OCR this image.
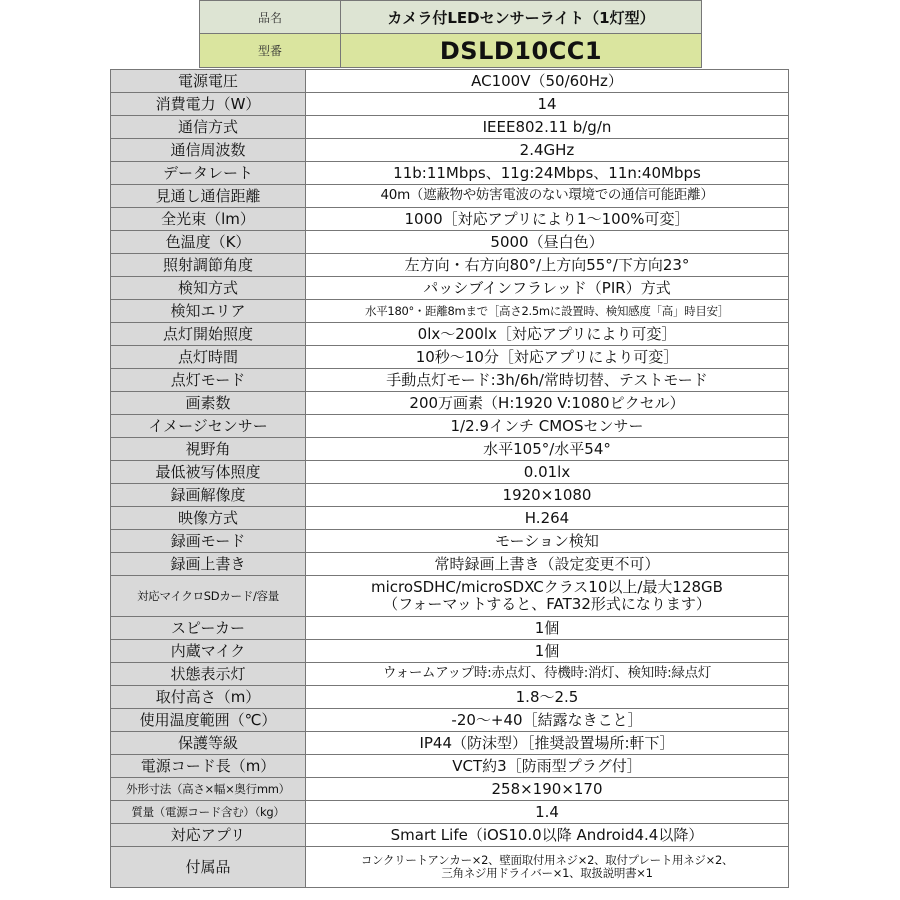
品名	カメラ付LEDセンサーライト（1灯型）
型番	DSLD10CC1
電源電圧	AC100V（50/60Hz）
消費電力（W）	14
通信方式	IEEE802.11 b/g/n
通信周波数	2.4GHz
データレート	11b:11Mbps、11g:24Mbps、11n:40Mbps
見通し通信距離	40m（遮蔽物や妨害電波のない環境での通信可能距離）
全光束（lm）	1000［対応アプリにより1〜100%可変］
色温度（K）	5000（昼白色）
照射調節角度	左方向・右方向80°/上方向55°/下方向23°
検知方式	パッシブインフラレッド（PIR）方式
検知エリア	水平180°・距離8mまで［高さ2.5mに設置時、検知感度「高」時目安］
点灯開始照度	0lx〜200lx［対応アプリにより可変］
点灯時間	10秒〜10分［対応アプリにより可変］
点灯モード	手動点灯モード:3h/6h/常時切替、テストモード
画素数	200万画素（H:1920 V:1080ピクセル）
イメージセンサー	1/2.9インチ CMOSセンサー
視野角	水平105°/水平54°
最低被写体照度	0.01lx
録画解像度	1920×1080
映像方式	H.264
録画モード	モーション検知
録画上書き	常時録画上書き（設定変更不可）
対応マイクロSDカード/容量	microSDHC/microSDXCクラス10以上/最大128GB
（フォーマットすると、FAT32形式になります）

スピーカー	1個
内蔵マイク	1個
状態表示灯	ウォームアップ時:赤点灯、待機時:消灯、検知時:緑点灯
取付高さ（m）	1.8〜2.5
使用温度範囲（℃）	-20〜+40［結露なきこと］
保護等級	IP44（防沫型）［推奨設置場所:軒下］
電源コード長（m）	VCT約3［防雨型プラグ付］
外形寸法（高さ×幅×奥行mm）	258×190×170
質量（電源コード含む）（kg）	1.4
対応アプリ	Smart Life（iOS10.0以降 Android4.4以降）
付属品	コンクリートアンカー×2、壁面取付用ネジ×2、取付プレート用ネジ×2、
三角ネジ用ドライバー×1、取扱説明書×1
